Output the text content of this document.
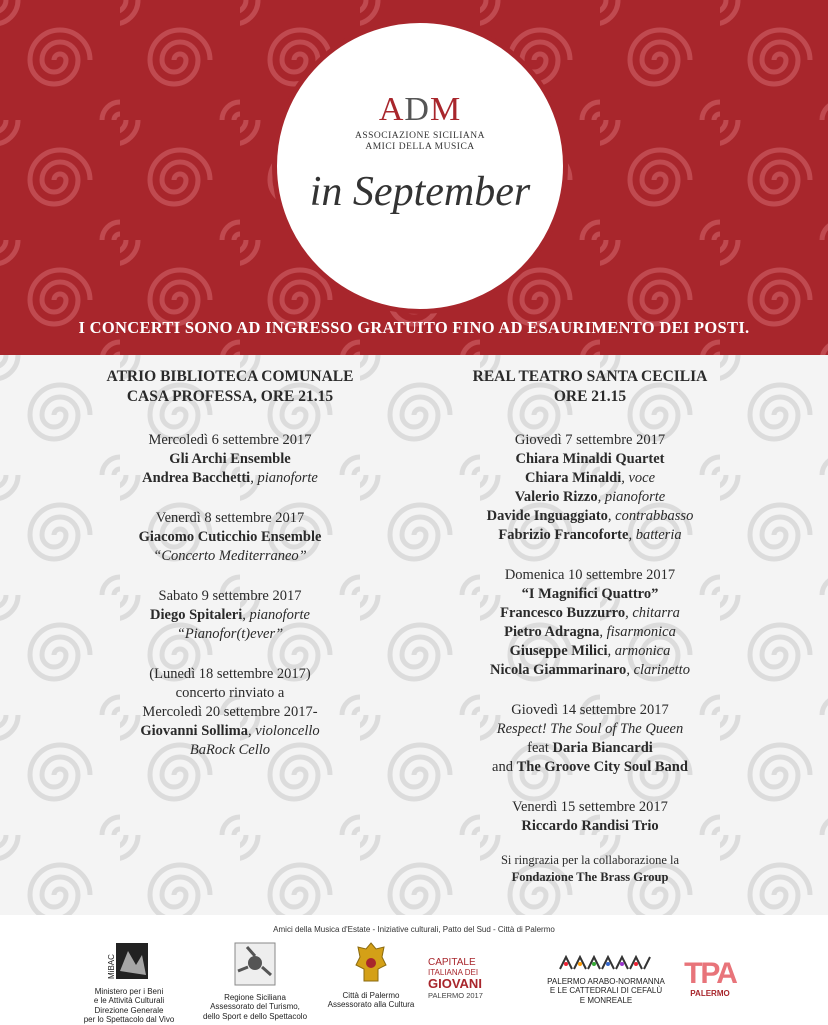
ADM
ASSOCIAZIONE SICILIANA
AMICI DELLA MUSICA
in September
I CONCERTI SONO AD INGRESSO GRATUITO FINO AD ESAURIMENTO DEI POSTI.
ATRIO BIBLIOTECA COMUNALE
CASA PROFESSA, ORE 21.15
Mercoledì 6 settembre 2017
Gli Archi Ensemble
Andrea Bacchetti, pianoforte
Venerdì 8 settembre 2017
Giacomo Cuticchio Ensemble
“Concerto Mediterraneo”
Sabato 9 settembre 2017
Diego Spitaleri, pianoforte
“Pianofor(t)ever”
(Lunedì 18 settembre 2017)
concerto rinviato a
Mercoledì 20 settembre 2017-
Giovanni Sollima, violoncello
BaRock Cello
REAL TEATRO SANTA CECILIA
ORE 21.15
Giovedì 7 settembre 2017
Chiara Minaldi Quartet
Chiara Minaldi, voce
Valerio Rizzo, pianoforte
Davide Inguaggiato, contrabbasso
Fabrizio Francoforte, batteria
Domenica 10 settembre 2017
“I Magnifici Quattro”
Francesco Buzzurro, chitarra
Pietro Adragna, fisarmonica
Giuseppe Milici, armonica
Nicola Giammarinaro, clarinetto
Giovedì 14 settembre 2017
Respect! The Soul of The Queen
feat Daria Biancardi
and The Groove City Soul Band
Venerdì 15 settembre 2017
Riccardo Randisi Trio
Si ringrazia per la collaborazione la
Fondazione The Brass Group
Amici della Musica d'Estate - Iniziative culturali, Patto del Sud - Città di Palermo
MiBAC
Ministero per i Beni
e le Attività Culturali
Direzione Generale
per lo Spettacolo dal Vivo
Regione Siciliana
Assessorato del Turismo,
dello Sport e dello Spettacolo
Città di Palermo
Assessorato alla Cultura
CAPITALE
ITALIANA DEI
GIOVANI
PALERMO 2017
PALERMO ARABO-NORMANNA
E LE CATTEDRALI DI CEFALÙ
E MONREALE
TPA
PALERMO
